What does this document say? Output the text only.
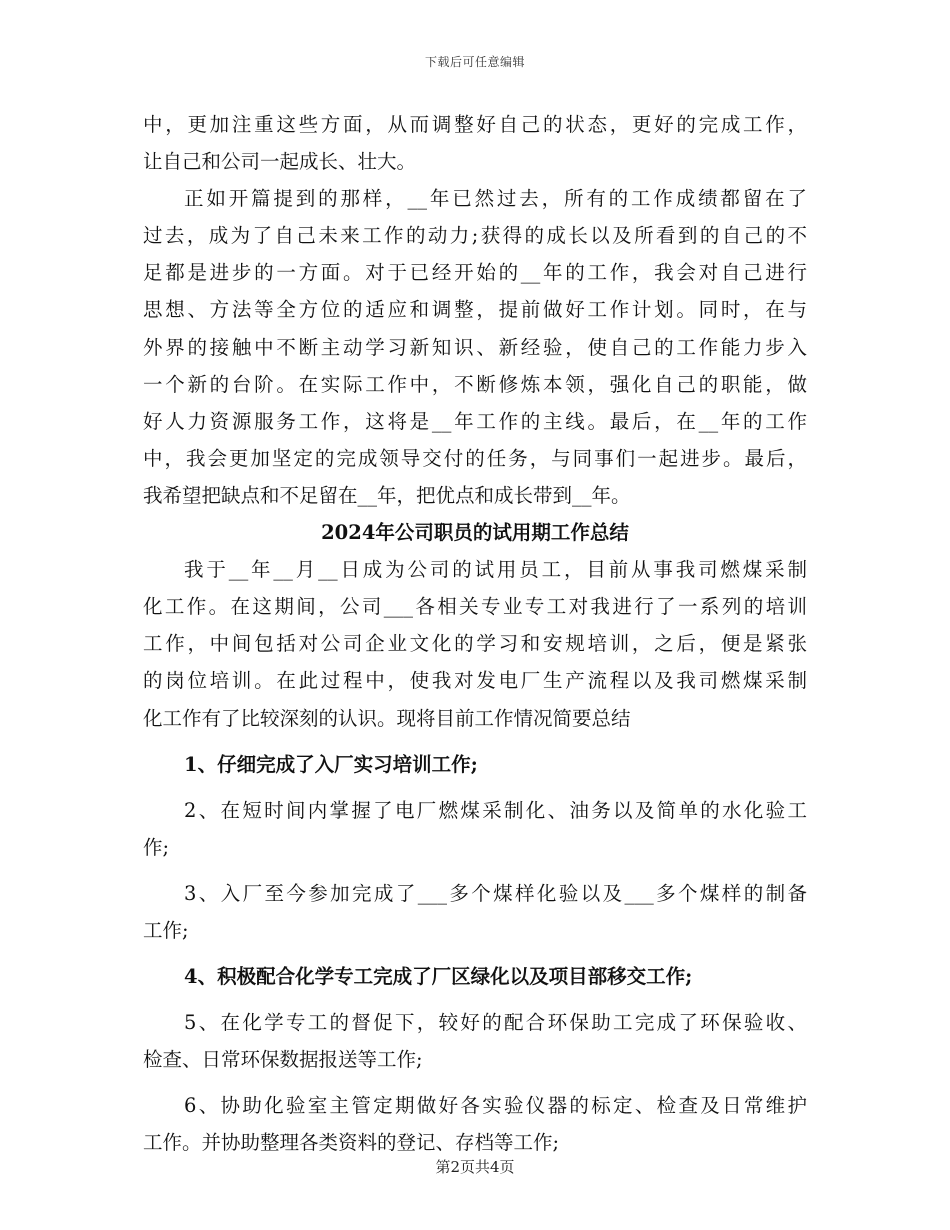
下载后可任意编辑
中，更加注重这些方面，从而调整好自己的状态，更好的完成工作，
让自己和公司一起成长、壮大。
正如开篇提到的那样，__年已然过去，所有的工作成绩都留在了
过去，成为了自己未来工作的动力;获得的成长以及所看到的自己的不
足都是进步的一方面。对于已经开始的__年的工作，我会对自己进行
思想、方法等全方位的适应和调整，提前做好工作计划。同时，在与
外界的接触中不断主动学习新知识、新经验，使自己的工作能力步入
一个新的台阶。在实际工作中，不断修炼本领，强化自己的职能，做
好人力资源服务工作，这将是__年工作的主线。最后，在__年的工作
中，我会更加坚定的完成领导交付的任务，与同事们一起进步。最后，
我希望把缺点和不足留在__年，把优点和成长带到__年。
2024年公司职员的试用期工作总结
我于__年__月__日成为公司的试用员工，目前从事我司燃煤采制
化工作。在这期间，公司___各相关专业专工对我进行了一系列的培训
工作，中间包括对公司企业文化的学习和安规培训，之后，便是紧张
的岗位培训。在此过程中，使我对发电厂生产流程以及我司燃煤采制
化工作有了比较深刻的认识。现将目前工作情况简要总结
1、仔细完成了入厂实习培训工作;
2、在短时间内掌握了电厂燃煤采制化、油务以及简单的水化验工
作;
3、入厂至今参加完成了___多个煤样化验以及___多个煤样的制备
工作;
4、积极配合化学专工完成了厂区绿化以及项目部移交工作;
5、在化学专工的督促下，较好的配合环保助工完成了环保验收、
检查、日常环保数据报送等工作;
6、协助化验室主管定期做好各实验仪器的标定、检查及日常维护
工作。并协助整理各类资料的登记、存档等工作;
第2页共4页
